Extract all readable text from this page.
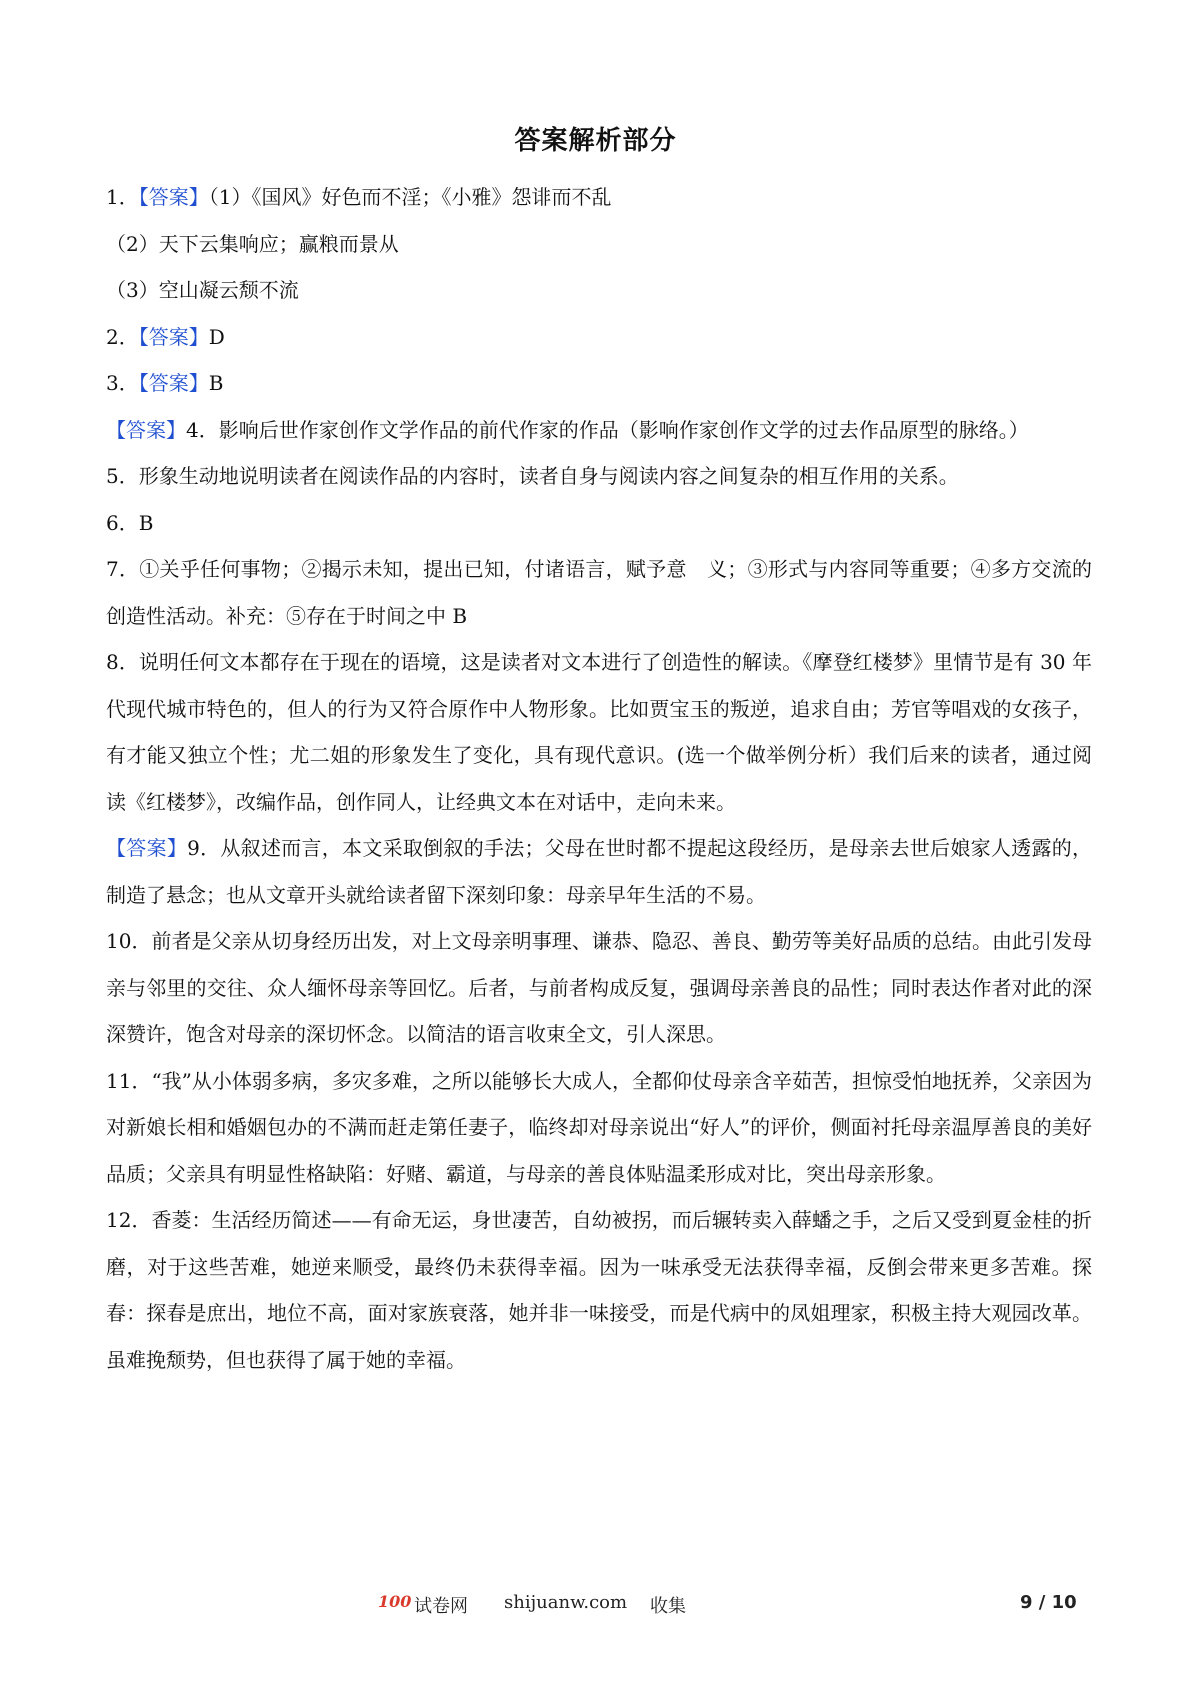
答案解析部分

1．【答案】（1）《国风》好色而不淫；《小雅》怨诽而不乱

（2）天下云集响应；赢粮而景从

（3）空山凝云颓不流

2．【答案】D

3．【答案】B

【答案】4．影响后世作家创作文学作品的前代作家的作品（影响作家创作文学的过去作品原型的脉络。）

5．形象生动地说明读者在阅读作品的内容时，读者自身与阅读内容之间复杂的相互作用的关系。

6．B

7．①关乎任何事物；②揭示未知，提出已知，付诸语言，赋予意　义；③形式与内容同等重要；④多方交流的创造性活动。补充：⑤存在于时间之中 B

8．说明任何文本都存在于现在的语境，这是读者对文本进行了创造性的解读。《摩登红楼梦》里情节是有 30 年代现代城市特色的，但人的行为又符合原作中人物形象。比如贾宝玉的叛逆，追求自由；芳官等唱戏的女孩子，有才能又独立个性；尤二姐的形象发生了变化，具有现代意识。(选一个做举例分析）我们后来的读者，通过阅读《红楼梦》，改编作品，创作同人，让经典文本在对话中，走向未来。

【答案】9．从叙述而言，本文采取倒叙的手法；父母在世时都不提起这段经历，是母亲去世后娘家人透露的，制造了悬念；也从文章开头就给读者留下深刻印象：母亲早年生活的不易。

10．前者是父亲从切身经历出发，对上文母亲明事理、谦恭、隐忍、善良、勤劳等美好品质的总结。由此引发母亲与邻里的交往、众人缅怀母亲等回忆。后者，与前者构成反复，强调母亲善良的品性；同时表达作者对此的深深赞许，饱含对母亲的深切怀念。以简洁的语言收束全文，引人深思。

11．“我”从小体弱多病，多灾多难，之所以能够长大成人，全都仰仗母亲含辛茹苦，担惊受怕地抚养，父亲因为对新娘长相和婚姻包办的不满而赶走第任妻子，临终却对母亲说出“好人”的评价，侧面衬托母亲温厚善良的美好品质；父亲具有明显性格缺陷：好赌、霸道，与母亲的善良体贴温柔形成对比，突出母亲形象。

12．香菱：生活经历简述——有命无运，身世凄苦，自幼被拐，而后辗转卖入薛蟠之手，之后又受到夏金桂的折磨，对于这些苦难，她逆来顺受，最终仍未获得幸福。因为一味承受无法获得幸福，反倒会带来更多苦难。探春：探春是庶出，地位不高，面对家族衰落，她并非一味接受，而是代病中的凤姐理家，积极主持大观园改革。虽难挽颓势，但也获得了属于她的幸福。

100 试卷网 shijuanw.com 收集	9 / 10
